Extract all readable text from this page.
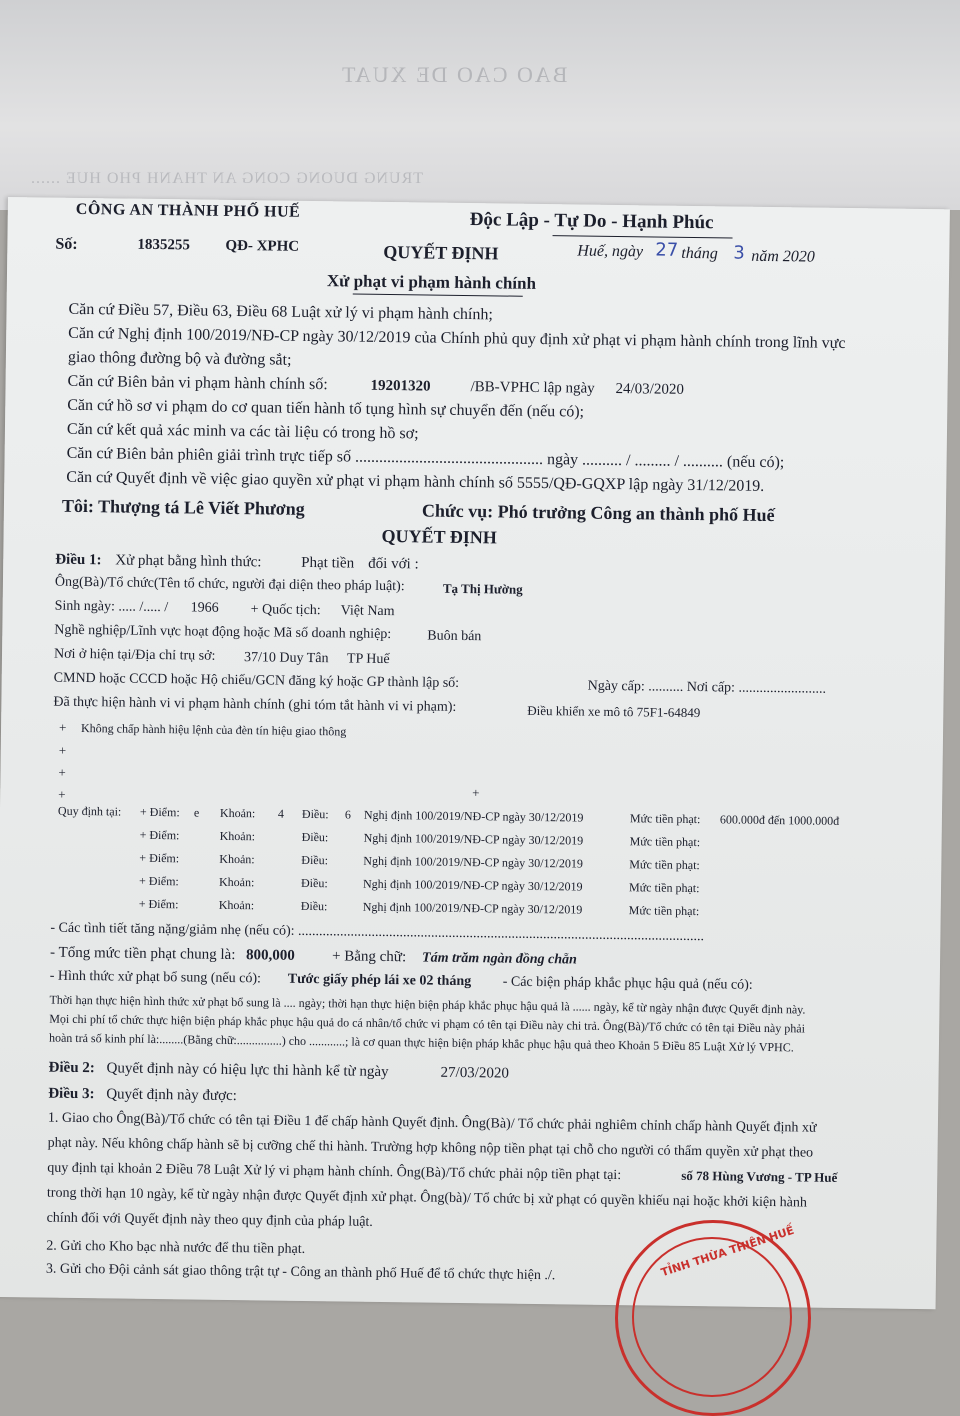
BAO CAO DE XUAT
TRUNG DUONG CONG AN THANH PHO HUE ......
CÔNG AN THÀNH PHỐ HUẾ	Độc Lập - Tự Do - Hạnh Phúc
Số:	1835255 QĐ- XPHC	QUYẾT ĐỊNH	Huế, ngày 27 tháng 3 năm 2020
Xử phạt vi phạm hành chính
Căn cứ Điều 57, Điều 63, Điều 68 Luật xử lý vi phạm hành chính;
Căn cứ Nghị định 100/2019/NĐ-CP ngày 30/12/2019 của Chính phủ quy định xử phạt vi phạm hành chính trong lĩnh vực
giao thông đường bộ và đường sắt;
Căn cứ Biên bản vi phạm hành chính số:	19201320	/BB-VPHC lập ngày 24/03/2020
Căn cứ hồ sơ vi phạm do cơ quan tiến hành tố tụng hình sự chuyển đến (nếu có);
Căn cứ kết quả xác minh va các tài liệu có trong hồ sơ;
Căn cứ Biên bản phiên giải trình trực tiếp số ............................................... ngày .......... / ......... / .......... (nếu có);
Căn cứ Quyết định về việc giao quyền xử phạt vi phạm hành chính số 5555/QĐ-GQXP lập ngày 31/12/2019.
Tôi: Thượng tá Lê Viết Phương	Chức vụ: Phó trưởng Công an thành phố Huế
QUYẾT ĐỊNH
Điều 1: Xử phạt bằng hình thức:	Phạt tiền đối với :
Ông(Bà)/Tổ chức(Tên tổ chức, người đại diện theo pháp luật):	Tạ Thị Hường
Sinh ngày: ..... /..... / 1966 + Quốc tịch: Việt Nam
Nghề nghiệp/Lĩnh vực hoạt động hoặc Mã số doanh nghiệp:	Buôn bán
Nơi ở hiện tại/Địa chỉ trụ sở: 37/10 Duy Tân TP Huế
CMND hoặc CCCD hoặc Hộ chiếu/GCN đăng ký hoặc GP thành lập số:	Ngày cấp: .......... Nơi cấp: .........................
Đã thực hiện hành vi vi phạm hành chính (ghi tóm tắt hành vi vi phạm):	Điều khiển xe mô tô 75F1-64849
+ Không chấp hành hiệu lệnh của đèn tín hiệu giao thông
+
+
+	+
Quy định tại: + Điểm: e Khoản: 4 Điều: 6 Nghị định 100/2019/NĐ-CP ngày 30/12/2019	Mức tiền phạt: 600.000đ đến 1000.000đ
+ Điểm:	Khoản:	Điều:	Nghị định 100/2019/NĐ-CP ngày 30/12/2019	Mức tiền phạt:
+ Điểm:	Khoản:	Điều:	Nghị định 100/2019/NĐ-CP ngày 30/12/2019	Mức tiền phạt:
+ Điểm:	Khoản:	Điều:	Nghị định 100/2019/NĐ-CP ngày 30/12/2019	Mức tiền phạt:
+ Điểm:	Khoản:	Điều:	Nghị định 100/2019/NĐ-CP ngày 30/12/2019	Mức tiền phạt:
- Các tình tiết tăng nặng/giảm nhẹ (nếu có): ....................................................................................................................
- Tổng mức tiền phạt chung là: 800,000 + Bằng chữ: Tám trăm ngàn đồng chẵn
- Hình thức xử phạt bổ sung (nếu có): Tước giấy phép lái xe 02 tháng - Các biện pháp khắc phục hậu quả (nếu có):
Thời hạn thực hiện hình thức xử phạt bổ sung là .... ngày; thời hạn thực hiện biện pháp khắc phục hậu quả là ...... ngày, kể từ ngày nhận được Quyết định này.
Mọi chi phí tổ chức thực hiện biện pháp khắc phục hậu quả do cá nhân/tổ chức vi phạm có tên tại Điều này chi trả. Ông(Bà)/Tổ chức có tên tại Điều này phải
hoàn trả số kinh phí là:........(Bằng chữ:...............) cho ............; là cơ quan thực hiện biện pháp khắc phục hậu quả theo Khoản 5 Điều 85 Luật Xử lý VPHC.
Điều 2: Quyết định này có hiệu lực thi hành kể từ ngày	27/03/2020
Điều 3: Quyết định này được:
1. Giao cho Ông(Bà)/Tổ chức có tên tại Điều 1 để chấp hành Quyết định. Ông(Bà)/ Tổ chức phải nghiêm chỉnh chấp hành Quyết định xử
phạt này. Nếu không chấp hành sẽ bị cưỡng chế thi hành. Trường hợp không nộp tiền phạt tại chỗ cho người có thẩm quyền xử phạt theo
quy định tại khoản 2 Điều 78 Luật Xử lý vi phạm hành chính. Ông(Bà)/Tổ chức phải nộp tiền phạt tại:	số 78 Hùng Vương - TP Huế
trong thời hạn 10 ngày, kể từ ngày nhận được Quyết định xử phạt. Ông(bà)/ Tổ chức bị xử phạt có quyền khiếu nại hoặc khởi kiện hành
chính đối với Quyết định này theo quy định của pháp luật.
2. Gửi cho Kho bạc nhà nước để thu tiền phạt.
3. Gửi cho Đội cảnh sát giao thông trật tự - Công an thành phố Huế để tổ chức thực hiện ./.	TỈNH THỪA THIÊN HUẾ
